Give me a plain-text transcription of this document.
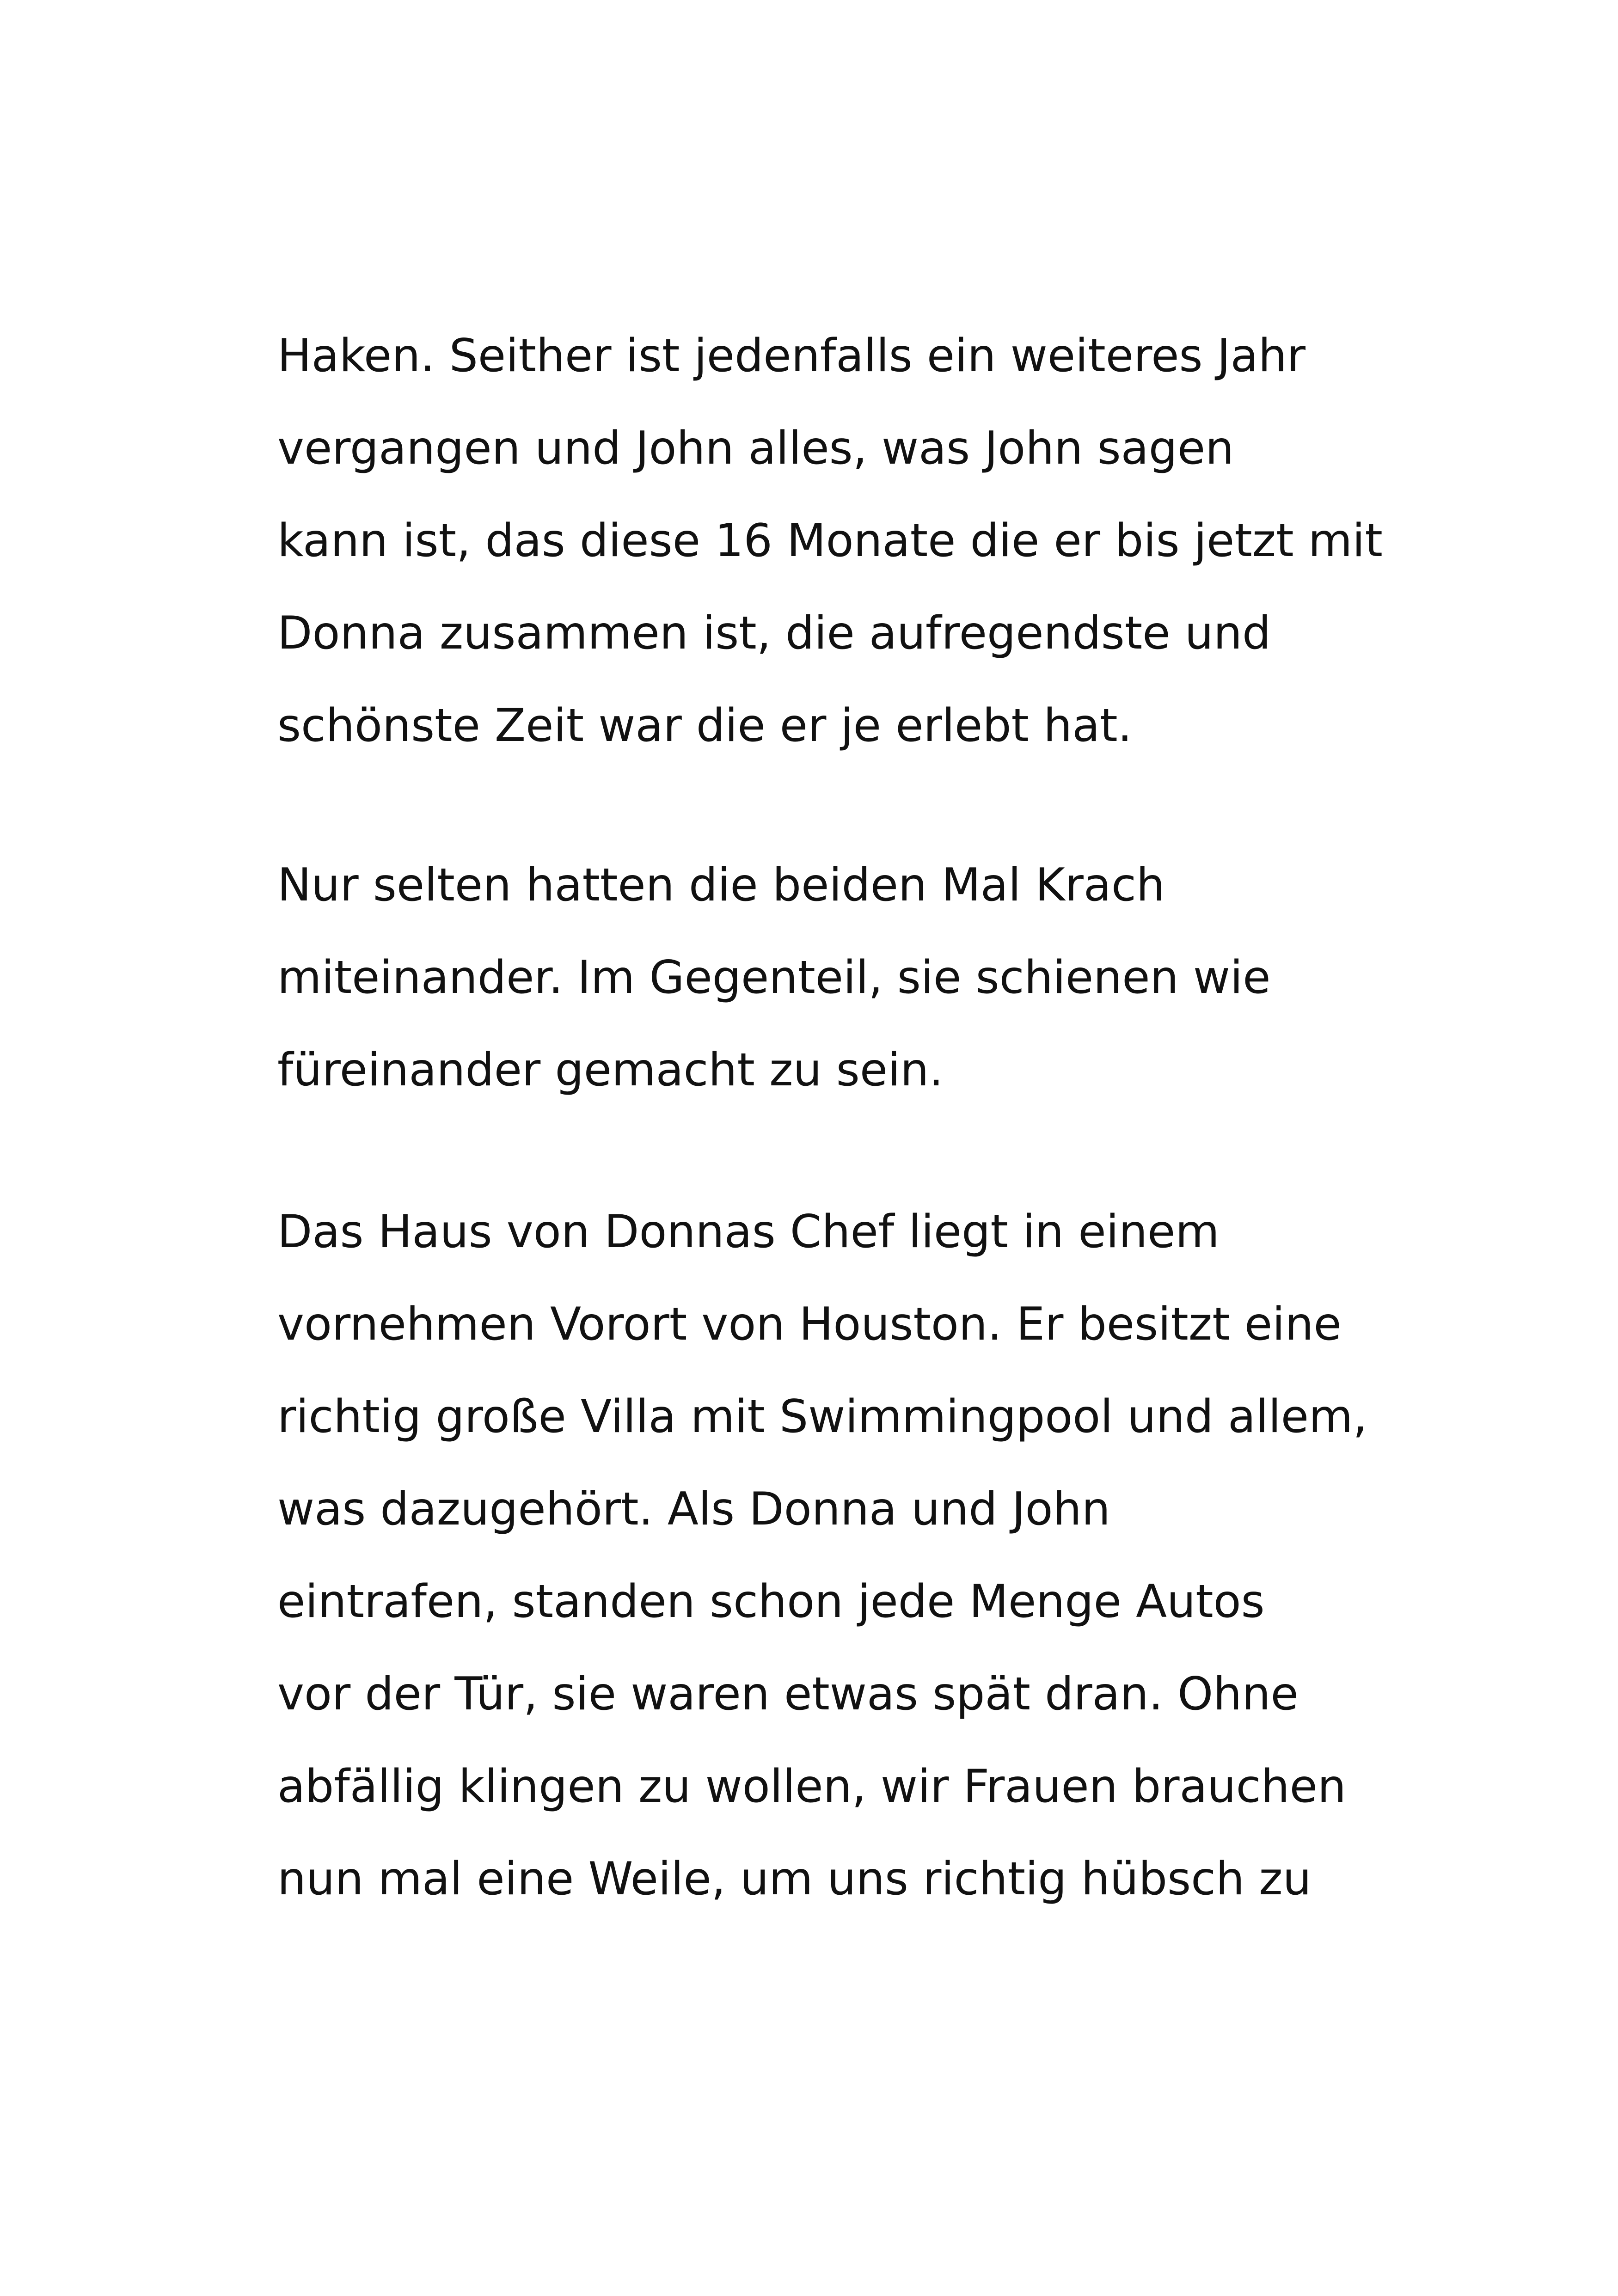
Haken. Seither ist jedenfalls ein weiteres Jahr
vergangen und John alles, was John sagen
kann ist, das diese 16 Monate die er bis jetzt mit
Donna zusammen ist, die aufregendste und
schönste Zeit war die er je erlebt hat.
Nur selten hatten die beiden Mal Krach
miteinander. Im Gegenteil, sie schienen wie
füreinander gemacht zu sein.
Das Haus von Donnas Chef liegt in einem
vornehmen Vorort von Houston. Er besitzt eine
richtig große Villa mit Swimmingpool und allem,
was dazugehört. Als Donna und John
eintrafen, standen schon jede Menge Autos
vor der Tür, sie waren etwas spät dran. Ohne
abfällig klingen zu wollen, wir Frauen brauchen
nun mal eine Weile, um uns richtig hübsch zu
